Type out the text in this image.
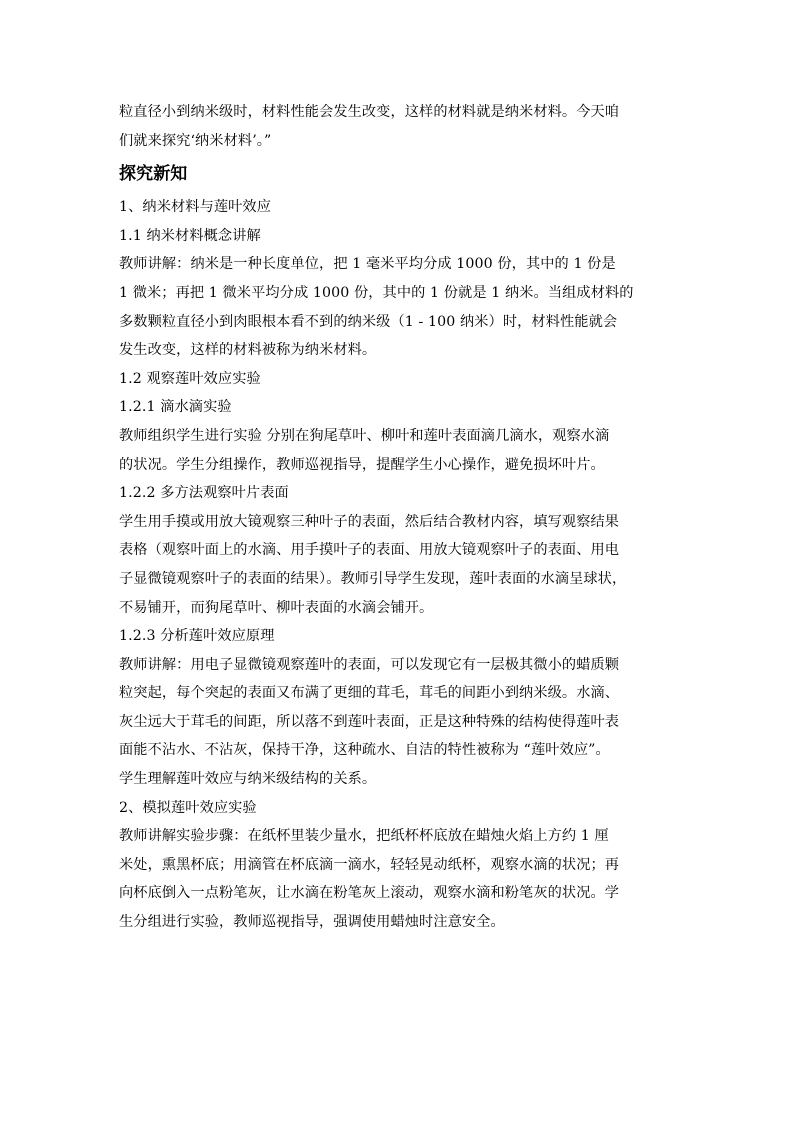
粒直径小到纳米级时，材料性能会发生改变，这样的材料就是纳米材料。今天咱
们就来探究‘纳米材料’。”
探究新知
1、纳米材料与莲叶效应
1.1 纳米材料概念讲解
教师讲解：纳米是一种长度单位，把 1 毫米平均分成 1000 份，其中的 1 份是
1 微米；再把 1 微米平均分成 1000 份，其中的 1 份就是 1 纳米。当组成材料的
多数颗粒直径小到肉眼根本看不到的纳米级（1 - 100 纳米）时，材料性能就会
发生改变，这样的材料被称为纳米材料。
1.2 观察莲叶效应实验
1.2.1 滴水滴实验
教师组织学生进行实验 分别在狗尾草叶、柳叶和莲叶表面滴几滴水，观察水滴
的状况。学生分组操作，教师巡视指导，提醒学生小心操作，避免损坏叶片。
1.2.2 多方法观察叶片表面
学生用手摸或用放大镜观察三种叶子的表面，然后结合教材内容，填写观察结果
表格（观察叶面上的水滴、用手摸叶子的表面、用放大镜观察叶子的表面、用电
子显微镜观察叶子的表面的结果）。教师引导学生发现，莲叶表面的水滴呈球状，
不易铺开，而狗尾草叶、柳叶表面的水滴会铺开。
1.2.3 分析莲叶效应原理
教师讲解：用电子显微镜观察莲叶的表面，可以发现它有一层极其微小的蜡质颗
粒突起，每个突起的表面又布满了更细的茸毛，茸毛的间距小到纳米级。水滴、
灰尘远大于茸毛的间距，所以落不到莲叶表面，正是这种特殊的结构使得莲叶表
面能不沾水、不沾灰，保持干净，这种疏水、自洁的特性被称为 “莲叶效应”。
学生理解莲叶效应与纳米级结构的关系。
2、模拟莲叶效应实验
教师讲解实验步骤：在纸杯里装少量水，把纸杯杯底放在蜡烛火焰上方约 1 厘
米处，熏黑杯底；用滴管在杯底滴一滴水，轻轻晃动纸杯，观察水滴的状况；再
向杯底倒入一点粉笔灰，让水滴在粉笔灰上滚动，观察水滴和粉笔灰的状况。学
生分组进行实验，教师巡视指导，强调使用蜡烛时注意安全。
